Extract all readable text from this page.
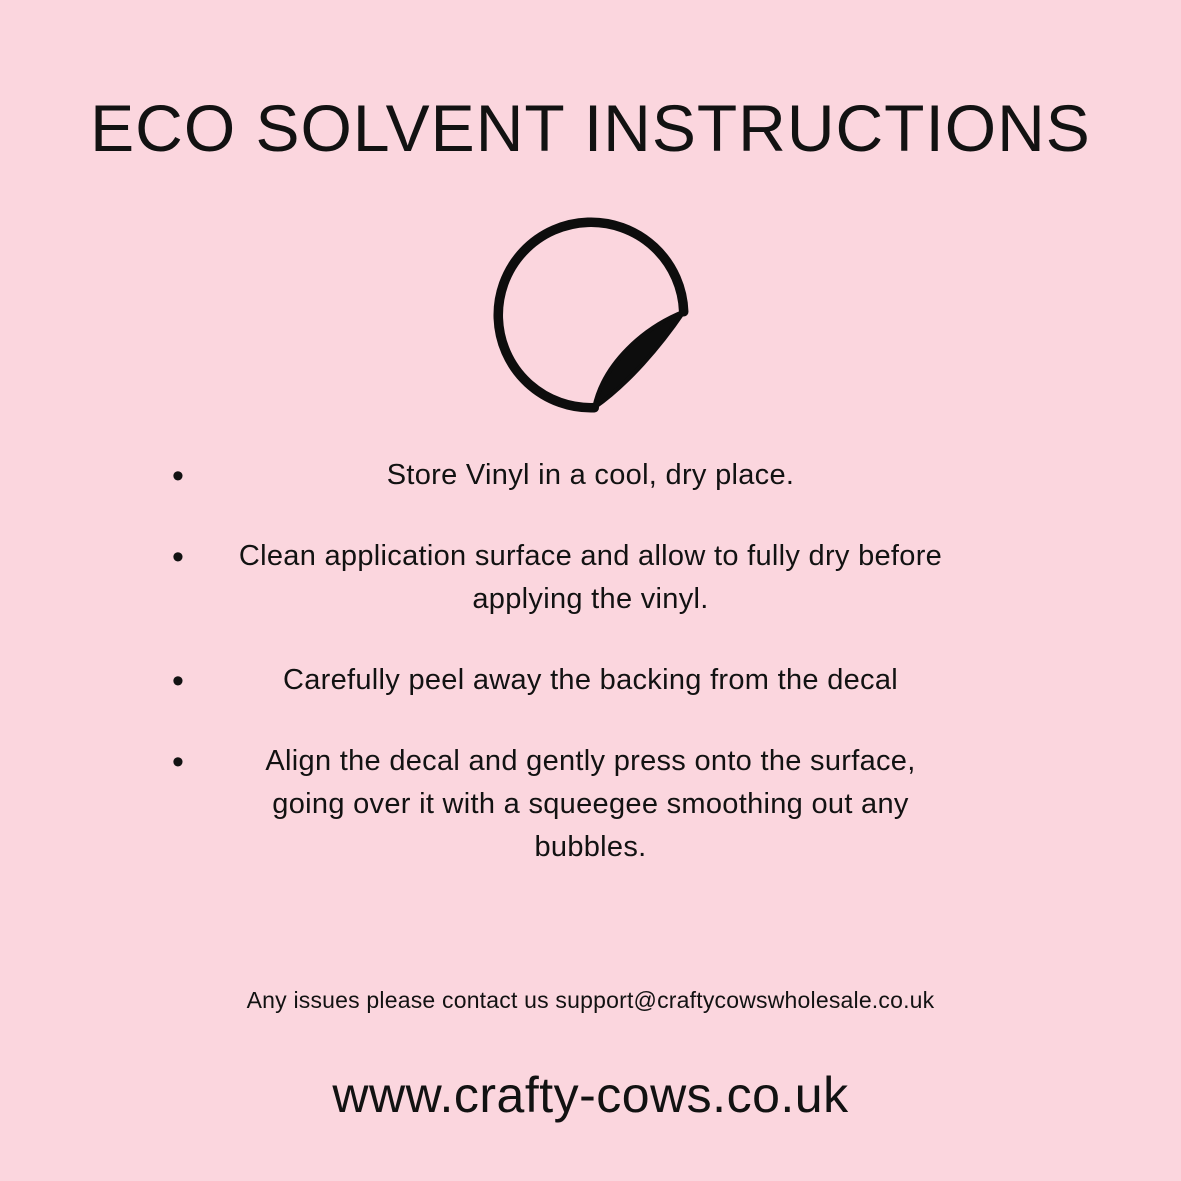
ECO SOLVENT INSTRUCTIONS
•	Store Vinyl in a cool, dry place.
•	Clean application surface and allow to fully dry before applying the vinyl.
•	Carefully peel away the backing from the decal
•	Align the decal and gently press onto the surface, going over it with a squeegee smoothing out any bubbles.
Any issues please contact us support@craftycowswholesale.co.uk
www.crafty-cows.co.uk
